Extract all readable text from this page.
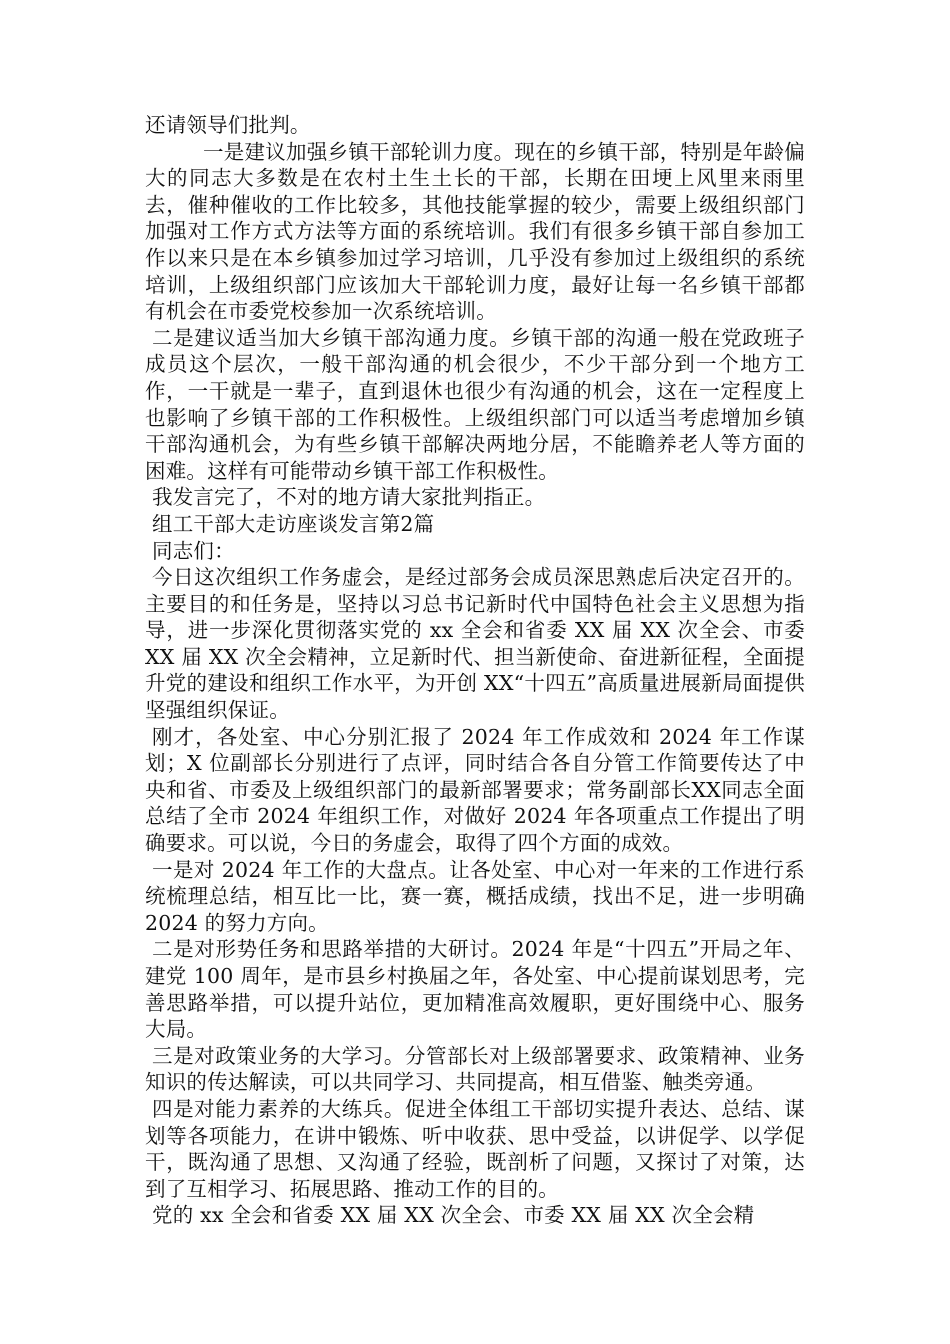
还请领导们批判。

一是建议加强乡镇干部轮训力度。现在的乡镇干部，特别是年龄偏大的同志大多数是在农村土生土长的干部，长期在田埂上风里来雨里去，催种催收的工作比较多，其他技能掌握的较少，需要上级组织部门加强对工作方式方法等方面的系统培训。我们有很多乡镇干部自参加工作以来只是在本乡镇参加过学习培训，几乎没有参加过上级组织的系统培训，上级组织部门应该加大干部轮训力度，最好让每一名乡镇干部都有机会在市委党校参加一次系统培训。

二是建议适当加大乡镇干部沟通力度。乡镇干部的沟通一般在党政班子成员这个层次，一般干部沟通的机会很少，不少干部分到一个地方工作，一干就是一辈子，直到退休也很少有沟通的机会，这在一定程度上也影响了乡镇干部的工作积极性。上级组织部门可以适当考虑增加乡镇干部沟通机会，为有些乡镇干部解决两地分居，不能瞻养老人等方面的困难。这样有可能带动乡镇干部工作积极性。

我发言完了，不对的地方请大家批判指正。

组工干部大走访座谈发言第2篇

同志们：

今日这次组织工作务虚会，是经过部务会成员深思熟虑后决定召开的。主要目的和任务是，坚持以习总书记新时代中国特色社会主义思想为指导，进一步深化贯彻落实党的 xx 全会和省委 XX 届 XX 次全会、市委 XX 届 XX 次全会精神，立足新时代、担当新使命、奋进新征程，全面提升党的建设和组织工作水平，为开创 XX“十四五”高质量进展新局面提供坚强组织保证。

刚才，各处室、中心分别汇报了 2024 年工作成效和 2024 年工作谋划；X 位副部长分别进行了点评，同时结合各自分管工作简要传达了中央和省、市委及上级组织部门的最新部署要求；常务副部长XX同志全面总结了全市 2024 年组织工作，对做好 2024 年各项重点工作提出了明确要求。可以说，今日的务虚会，取得了四个方面的成效。

一是对 2024 年工作的大盘点。让各处室、中心对一年来的工作进行系统梳理总结，相互比一比，赛一赛，概括成绩，找出不足，进一步明确 2024 的努力方向。

二是对形势任务和思路举措的大研讨。2024 年是“十四五”开局之年、建党 100 周年，是市县乡村换届之年，各处室、中心提前谋划思考，完善思路举措，可以提升站位，更加精准高效履职，更好围绕中心、服务大局。

三是对政策业务的大学习。分管部长对上级部署要求、政策精神、业务知识的传达解读，可以共同学习、共同提高，相互借鉴、触类旁通。

四是对能力素养的大练兵。促进全体组工干部切实提升表达、总结、谋划等各项能力，在讲中锻炼、听中收获、思中受益，以讲促学、以学促干，既沟通了思想、又沟通了经验，既剖析了问题，又探讨了对策，达到了互相学习、拓展思路、推动工作的目的。

党的 xx 全会和省委 XX 届 XX 次全会、市委 XX 届 XX 次全会精
